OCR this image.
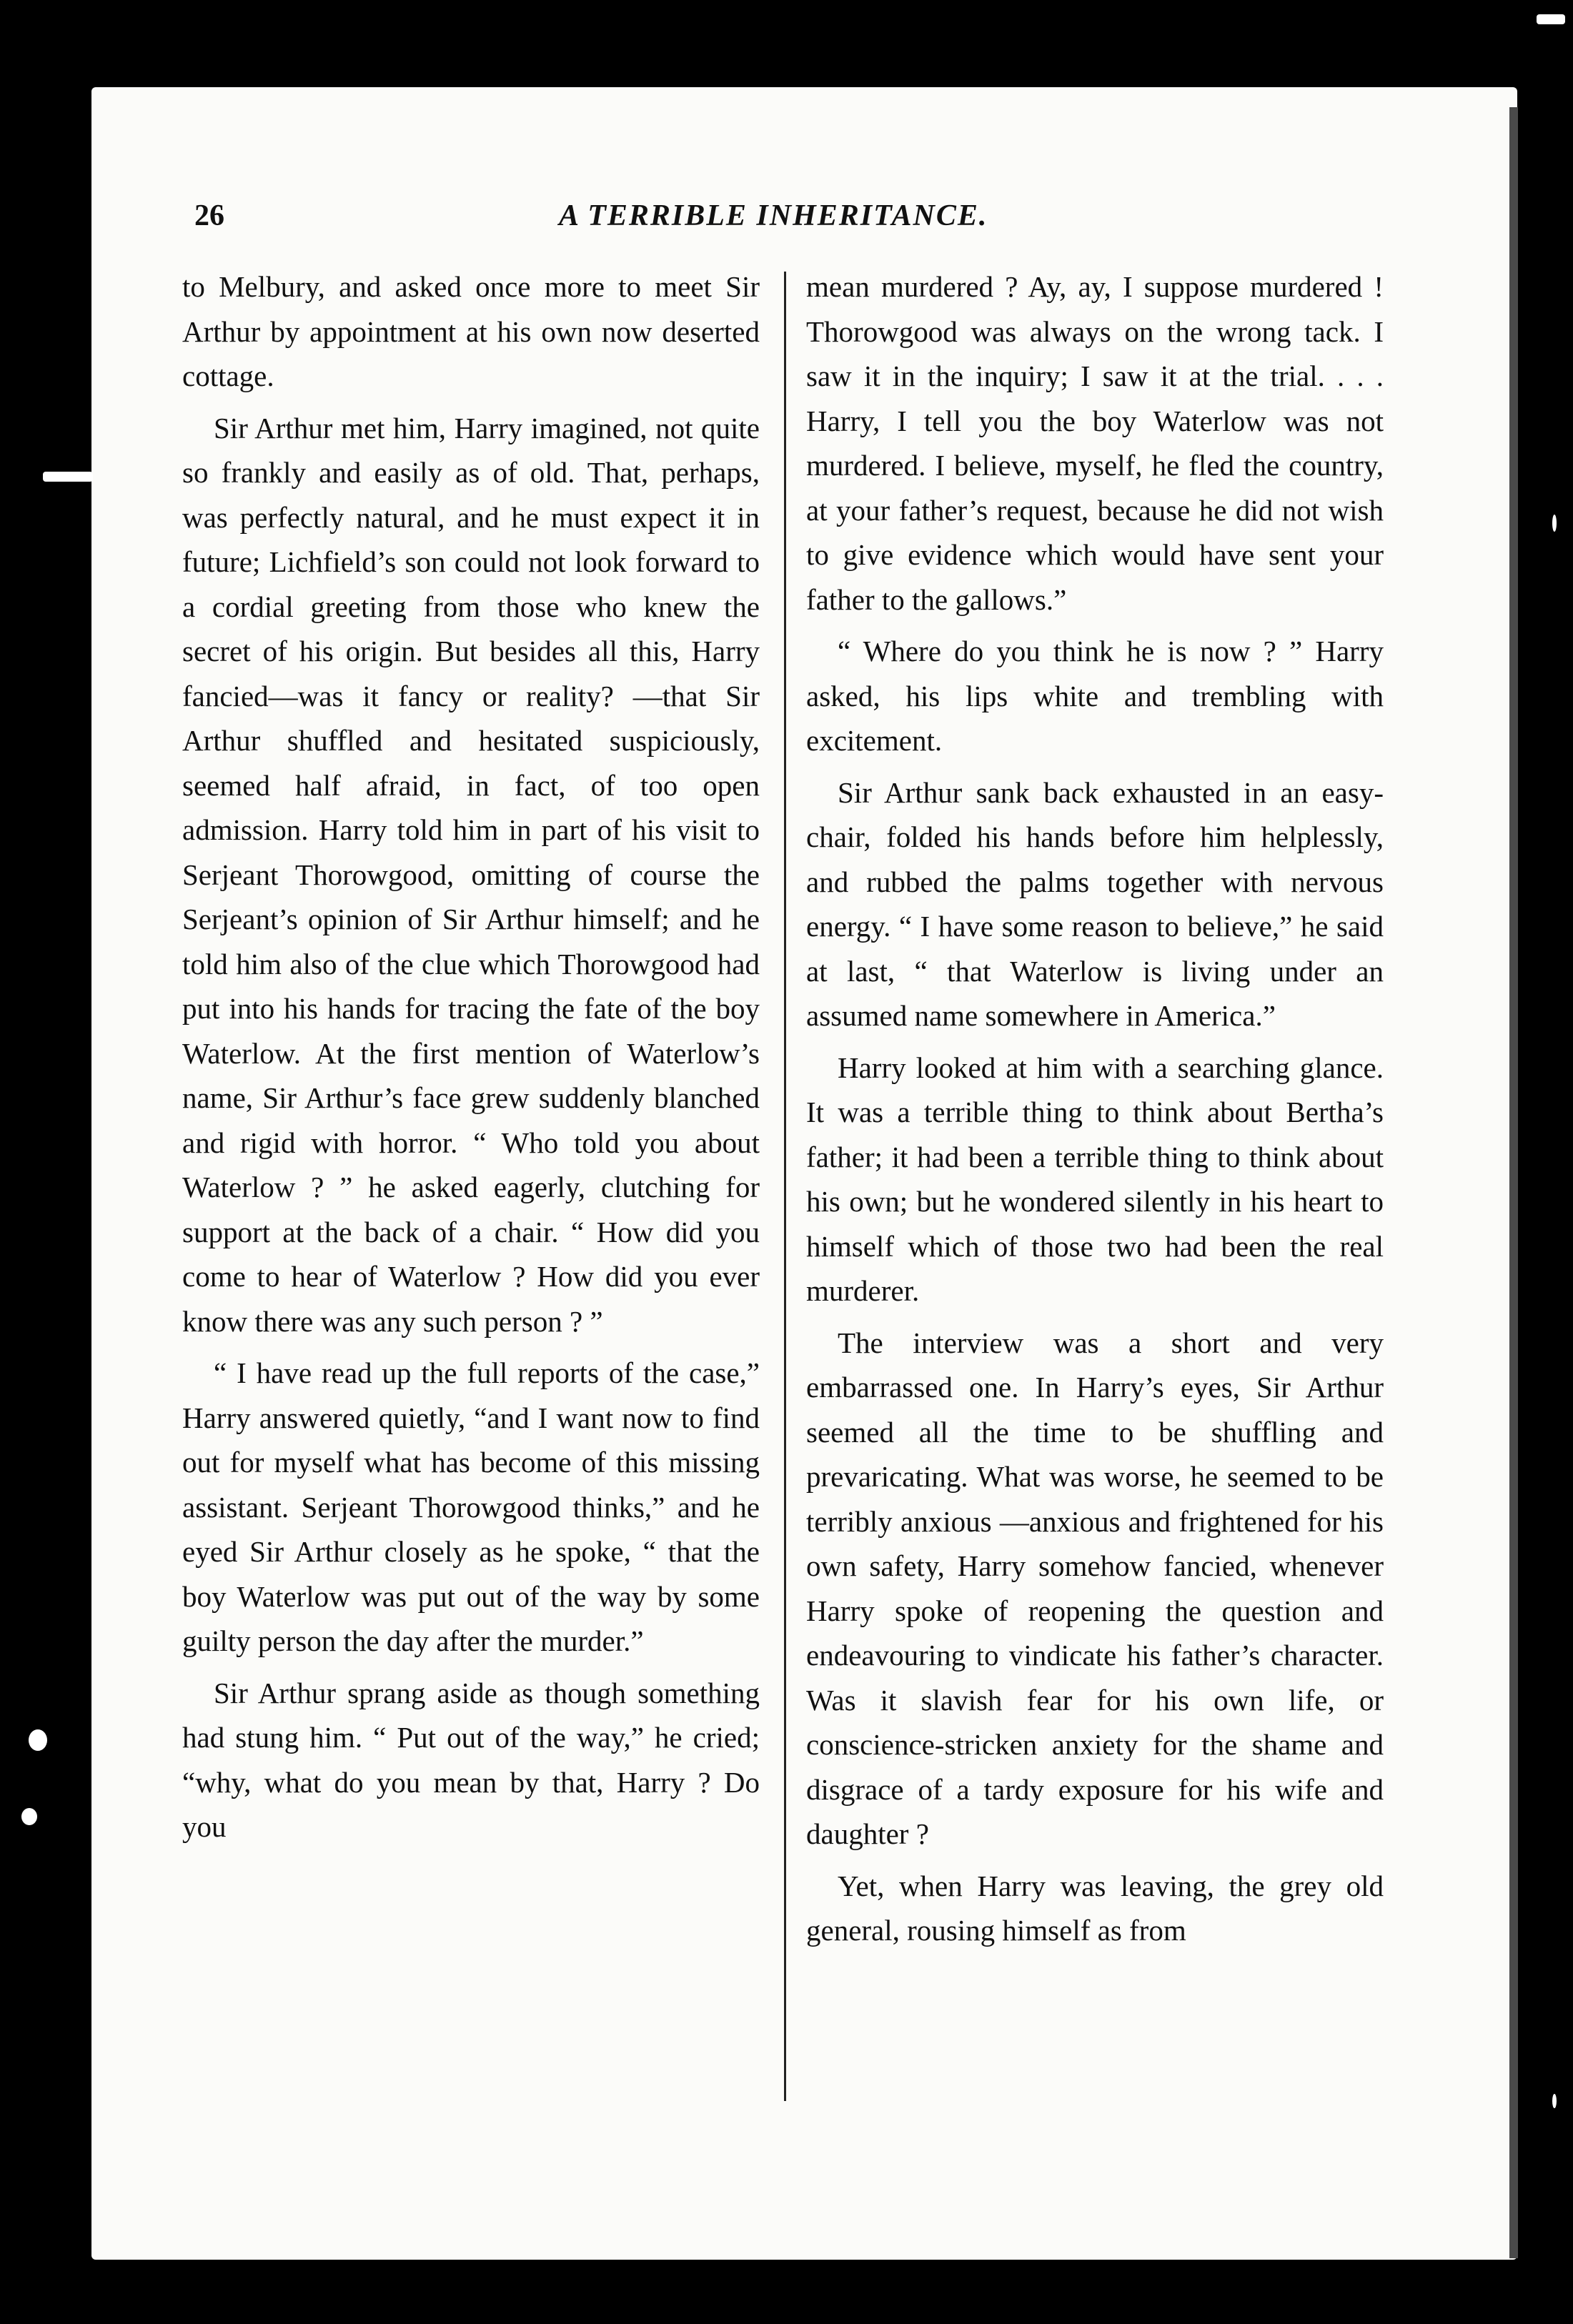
26	A TERRIBLE INHERITANCE.

to Melbury, and asked once more to meet Sir Arthur by appointment at his own now deserted cottage.

Sir Arthur met him, Harry imagined, not quite so frankly and easily as of old. That, perhaps, was perfectly natural, and he must expect it in future; Lichfield’s son could not look forward to a cordial greeting from those who knew the secret of his origin. But besides all this, Harry fancied—was it fancy or reality? —that Sir Arthur shuffled and hesitated suspiciously, seemed half afraid, in fact, of too open admission. Harry told him in part of his visit to Serjeant Thorowgood, omitting of course the Serjeant’s opinion of Sir Arthur himself; and he told him also of the clue which Thorowgood had put into his hands for tracing the fate of the boy Waterlow. At the first mention of Waterlow’s name, Sir Arthur’s face grew suddenly blanched and rigid with horror. “ Who told you about Waterlow ? ” he asked eagerly, clutching for support at the back of a chair. “ How did you come to hear of Waterlow ? How did you ever know there was any such person ? ”

“ I have read up the full reports of the case,” Harry answered quietly, “and I want now to find out for myself what has become of this missing assistant. Serjeant Thorowgood thinks,” and he eyed Sir Arthur closely as he spoke, “ that the boy Waterlow was put out of the way by some guilty person the day after the murder.”

Sir Arthur sprang aside as though something had stung him. “ Put out of the way,” he cried; “why, what do you mean by that, Harry ? Do you

mean murdered ? Ay, ay, I suppose murdered ! Thorowgood was always on the wrong tack. I saw it in the inquiry; I saw it at the trial. . . . Harry, I tell you the boy Waterlow was not murdered. I believe, myself, he fled the country, at your father’s request, because he did not wish to give evidence which would have sent your father to the gallows.”

“ Where do you think he is now ? ” Harry asked, his lips white and trembling with excitement.

Sir Arthur sank back exhausted in an easy-chair, folded his hands before him helplessly, and rubbed the palms together with nervous energy. “ I have some reason to believe,” he said at last, “ that Waterlow is living under an assumed name somewhere in America.”

Harry looked at him with a searching glance. It was a terrible thing to think about Bertha’s father; it had been a terrible thing to think about his own; but he wondered silently in his heart to himself which of those two had been the real murderer.

The interview was a short and very embarrassed one. In Harry’s eyes, Sir Arthur seemed all the time to be shuffling and prevaricating. What was worse, he seemed to be terribly anxious —anxious and frightened for his own safety, Harry somehow fancied, whenever Harry spoke of reopening the question and endeavouring to vindicate his father’s character. Was it slavish fear for his own life, or conscience-stricken anxiety for the shame and disgrace of a tardy exposure for his wife and daughter ?

Yet, when Harry was leaving, the grey old general, rousing himself as from
